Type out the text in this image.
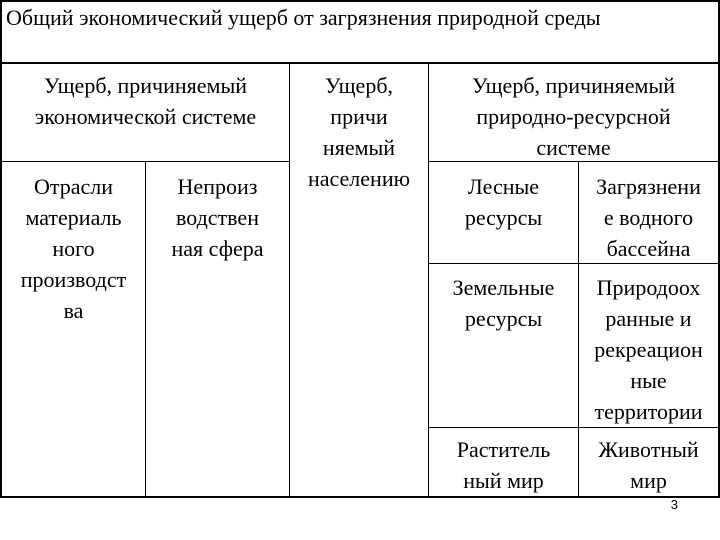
Общий экономический ущерб от загрязнения природной среды
Ущерб, причиняемый
экономической системе
Отрасли
материаль
ного
производст
ва
Непроиз
водствен
ная сфера
Ущерб,
причи
няемый
населению
Ущерб, причиняемый
природно-ресурсной
системе
Лесные
ресурсы
Загрязнени
е водного
бассейна
Земельные
ресурсы
Природоох
ранные и
рекреацион
ные
территории
Раститель
ный мир
Животный
мир
3
